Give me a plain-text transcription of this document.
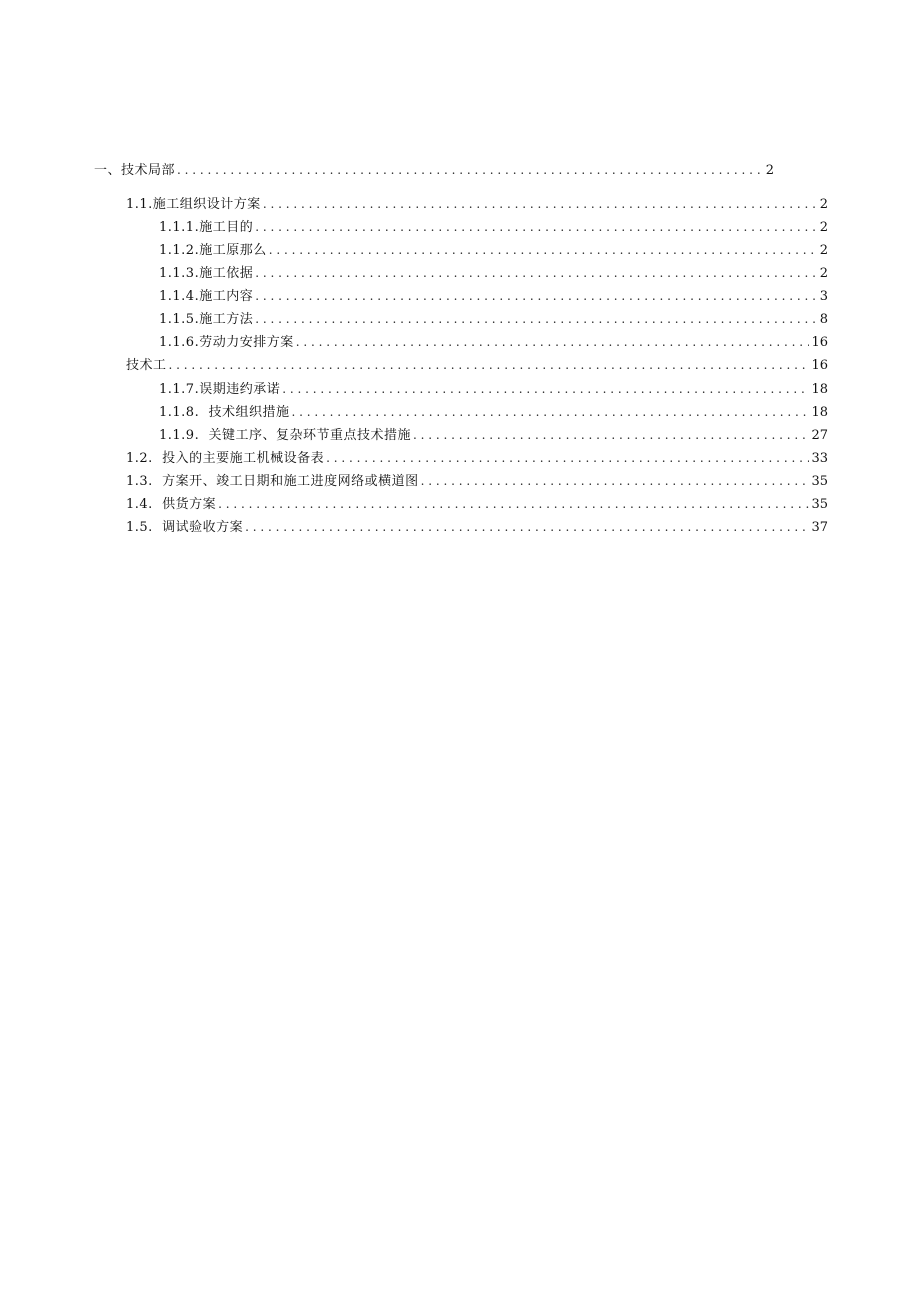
一、技术局部 . . .	2
1.1.施工组织设计方案 . . .	2
1.1.1.施工目的 . . .	2
1.1.2.施工原那么 . . .	2
1.1.3.施工依据 . . .	2
1.1.4.施工内容 . . .	3
1.1.5.施工方法 . . .	8
1.1.6.劳动力安排方案 . . .	16
技术工 . . .	16
1.1.7.误期违约承诺 . . .	18
1.1.8.  技术组织措施 . . .	18
1.1.9.  关键工序、复杂环节重点技术措施 . . .	27
1.2.  投入的主要施工机械设备表 . . .	33
1.3.  方案开、竣工日期和施工进度网络或横道图 . . .	35
1.4.  供货方案 . . .	35
1.5.  调试验收方案 . . .	37
